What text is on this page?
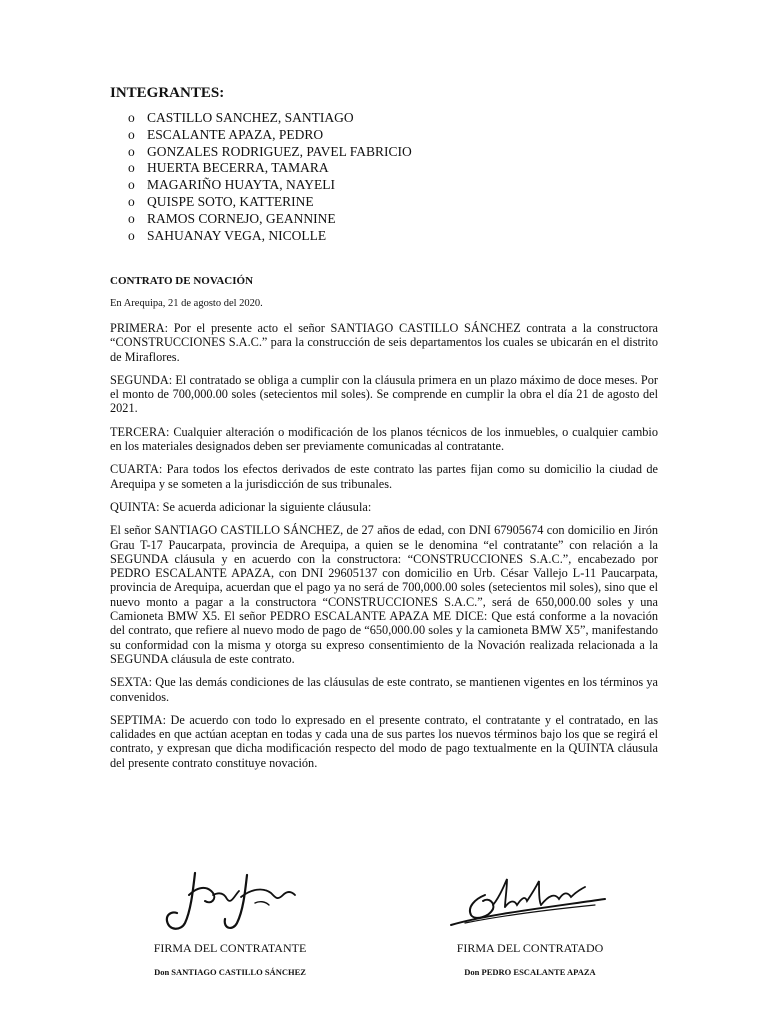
INTEGRANTES:
o CASTILLO SANCHEZ, SANTIAGO
o ESCALANTE APAZA, PEDRO
o GONZALES RODRIGUEZ, PAVEL FABRICIO
o HUERTA BECERRA, TAMARA
o MAGARIÑO HUAYTA, NAYELI
o QUISPE SOTO, KATTERINE
o RAMOS CORNEJO, GEANNINE
o SAHUANAY VEGA, NICOLLE
CONTRATO DE NOVACIÓN

En Arequipa, 21 de agosto del 2020.

PRIMERA: Por el presente acto el señor SANTIAGO CASTILLO SÁNCHEZ contrata a la constructora “CONSTRUCCIONES S.A.C.” para la construcción de seis departamentos los cuales se ubicarán en el distrito de Miraflores.

SEGUNDA: El contratado se obliga a cumplir con la cláusula primera en un plazo máximo de doce meses. Por el monto de 700,000.00 soles (setecientos mil soles). Se comprende en cumplir la obra el día 21 de agosto del 2021.

TERCERA: Cualquier alteración o modificación de los planos técnicos de los inmuebles, o cualquier cambio en los materiales designados deben ser previamente comunicadas al contratante.

CUARTA: Para todos los efectos derivados de este contrato las partes fijan como su domicilio la ciudad de Arequipa y se someten a la jurisdicción de sus tribunales.

QUINTA: Se acuerda adicionar la siguiente cláusula:

El señor SANTIAGO CASTILLO SÁNCHEZ, de 27 años de edad, con DNI 67905674 con domicilio en Jirón Grau T-17 Paucarpata, provincia de Arequipa, a quien se le denomina “el contratante” con relación a la SEGUNDA cláusula y en acuerdo con la constructora: “CONSTRUCCIONES S.A.C.”, encabezado por PEDRO ESCALANTE APAZA, con DNI 29605137 con domicilio en Urb. César Vallejo L-11 Paucarpata, provincia de Arequipa, acuerdan que el pago ya no será de 700,000.00 soles (setecientos mil soles), sino que el nuevo monto a pagar a la constructora “CONSTRUCCIONES S.A.C.”, será de 650,000.00 soles y una Camioneta BMW X5. El señor PEDRO ESCALANTE APAZA ME DICE: Que está conforme a la novación del contrato, que refiere al nuevo modo de pago de “650,000.00 soles y la camioneta BMW X5”, manifestando su conformidad con la misma y otorga su expreso consentimiento de la Novación realizada relacionada a la SEGUNDA cláusula de este contrato.

SEXTA: Que las demás condiciones de las cláusulas de este contrato, se mantienen vigentes en los términos ya convenidos.

SEPTIMA: De acuerdo con todo lo expresado en el presente contrato, el contratante y el contratado, en las calidades en que actúan aceptan en todas y cada una de sus partes los nuevos términos bajo los que se regirá el contrato, y expresan que dicha modificación respecto del modo de pago textualmente en la QUINTA cláusula del presente contrato constituye novación.

FIRMA DEL CONTRATANTE
Don SANTIAGO CASTILLO SÁNCHEZ
FIRMA DEL CONTRATADO
Don PEDRO ESCALANTE APAZA
